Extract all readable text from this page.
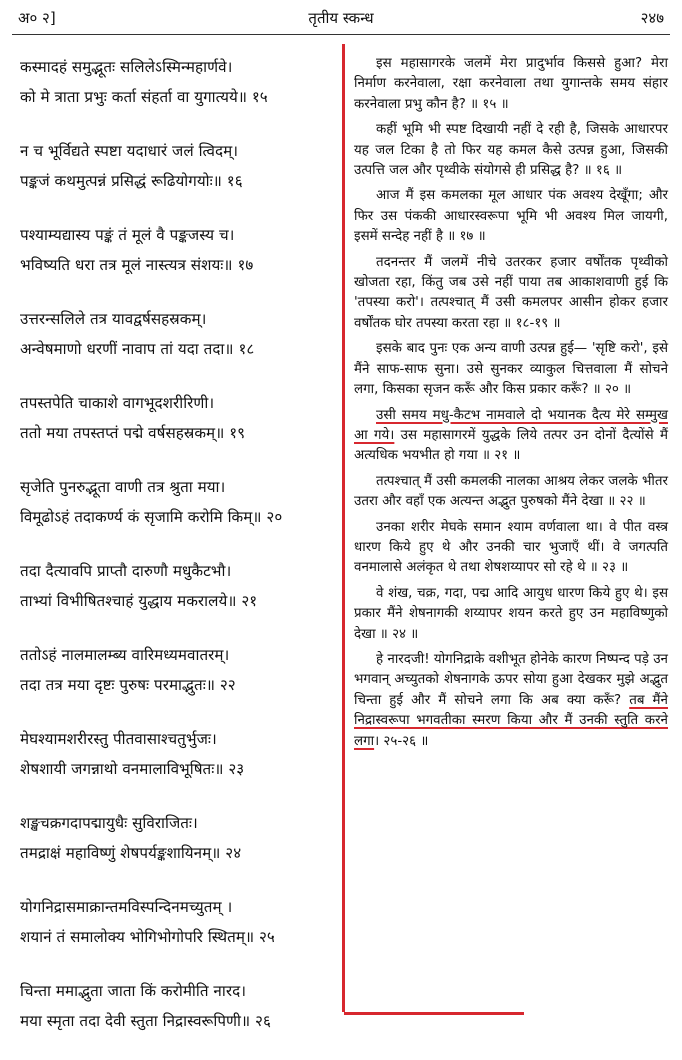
अ० २]	तृतीय स्कन्ध	२४७
कस्मादहं समुद्भूतः सलिलेऽस्मिन्महार्णवे।
को मे त्राता प्रभुः कर्ता संहर्ता वा युगात्यये॥ १५
न च भूर्विद्यते स्पष्टा यदाधारं जलं त्विदम्।
पङ्कजं कथमुत्पन्नं प्रसिद्धं रूढियोगयोः॥ १६
पश्याम्यद्यास्य पङ्कं तं मूलं वै पङ्कजस्य च।
भविष्यति धरा तत्र मूलं नास्त्यत्र संशयः॥ १७
उत्तरन्सलिले तत्र यावद्वर्षसहस्रकम्।
अन्वेषमाणो धरणीं नावाप तां यदा तदा॥ १८
तपस्तपेति चाकाशे वागभूदशरीरिणी।
ततो मया तपस्तप्तं पद्मे वर्षसहस्रकम्॥ १९
सृजेति पुनरुद्भूता वाणी तत्र श्रुता मया।
विमूढोऽहं तदाकर्ण्य कं सृजामि करोमि किम्॥ २०
तदा दैत्यावपि प्राप्तौ दारुणौ मधुकैटभौ।
ताभ्यां विभीषितश्चाहं युद्धाय मकरालये॥ २१
ततोऽहं नालमालम्ब्य वारिमध्यमवातरम्।
तदा तत्र मया दृष्टः पुरुषः परमाद्भुतः॥ २२
मेघश्यामशरीरस्तु पीतवासाश्चतुर्भुजः।
शेषशायी जगन्नाथो वनमालाविभूषितः॥ २३
शङ्खचक्रगदापद्मायुधैः सुविराजितः।
तमद्राक्षं महाविष्णुं शेषपर्यङ्कशायिनम्॥ २४
योगनिद्रासमाक्रान्तमविस्पन्दिनमच्युतम् ।
शयानं तं समालोक्य भोगिभोगोपरि स्थितम्॥ २५
चिन्ता ममाद्भुता जाता किं करोमीति नारद।
मया स्मृता तदा देवी स्तुता निद्रास्वरूपिणी॥ २६

इस महासागरके जलमें मेरा प्रादुर्भाव किससे हुआ? मेरा निर्माण करनेवाला, रक्षा करनेवाला तथा युगान्तके समय संहार करनेवाला प्रभु कौन है? ॥ १५ ॥

कहीं भूमि भी स्पष्ट दिखायी नहीं दे रही है, जिसके आधारपर यह जल टिका है तो फिर यह कमल कैसे उत्पन्न हुआ, जिसकी उत्पत्ति जल और पृथ्वीके संयोगसे ही प्रसिद्ध है? ॥ १६ ॥

आज मैं इस कमलका मूल आधार पंक अवश्य देखूँगा; और फिर उस पंककी आधारस्वरूपा भूमि भी अवश्य मिल जायगी, इसमें सन्देह नहीं है ॥ १७ ॥

तदनन्तर मैं जलमें नीचे उतरकर हजार वर्षोंतक पृथ्वीको खोजता रहा, किंतु जब उसे नहीं पाया तब आकाशवाणी हुई कि 'तपस्या करो'। तत्पश्चात् मैं उसी कमलपर आसीन होकर हजार वर्षोंतक घोर तपस्या करता रहा ॥ १८-१९ ॥

इसके बाद पुनः एक अन्य वाणी उत्पन्न हुई— 'सृष्टि करो', इसे मैंने साफ-साफ सुना। उसे सुनकर व्याकुल चित्तवाला मैं सोचने लगा, किसका सृजन करूँ और किस प्रकार करूँ? ॥ २० ॥

उसी समय मधु-कैटभ नामवाले दो भयानक दैत्य मेरे सम्मुख आ गये। उस महासागरमें युद्धके लिये तत्पर उन दोनों दैत्योंसे मैं अत्यधिक भयभीत हो गया ॥ २१ ॥

तत्पश्चात् मैं उसी कमलकी नालका आश्रय लेकर जलके भीतर उतरा और वहाँ एक अत्यन्त अद्भुत पुरुषको मैंने देखा ॥ २२ ॥

उनका शरीर मेघके समान श्याम वर्णवाला था। वे पीत वस्त्र धारण किये हुए थे और उनकी चार भुजाएँ थीं। वे जगत्पति वनमालासे अलंकृत थे तथा शेषशय्यापर सो रहे थे ॥ २३ ॥

वे शंख, चक्र, गदा, पद्म आदि आयुध धारण किये हुए थे। इस प्रकार मैंने शेषनागकी शय्यापर शयन करते हुए उन महाविष्णुको देखा ॥ २४ ॥

हे नारदजी! योगनिद्राके वशीभूत होनेके कारण निष्पन्द पड़े उन भगवान् अच्युतको शेषनागके ऊपर सोया हुआ देखकर मुझे अद्भुत चिन्ता हुई और मैं सोचने लगा कि अब क्या करूँ? तब मैंने निद्रास्वरूपा भगवतीका स्मरण किया और मैं उनकी स्तुति करने लगा। २५-२६ ॥
